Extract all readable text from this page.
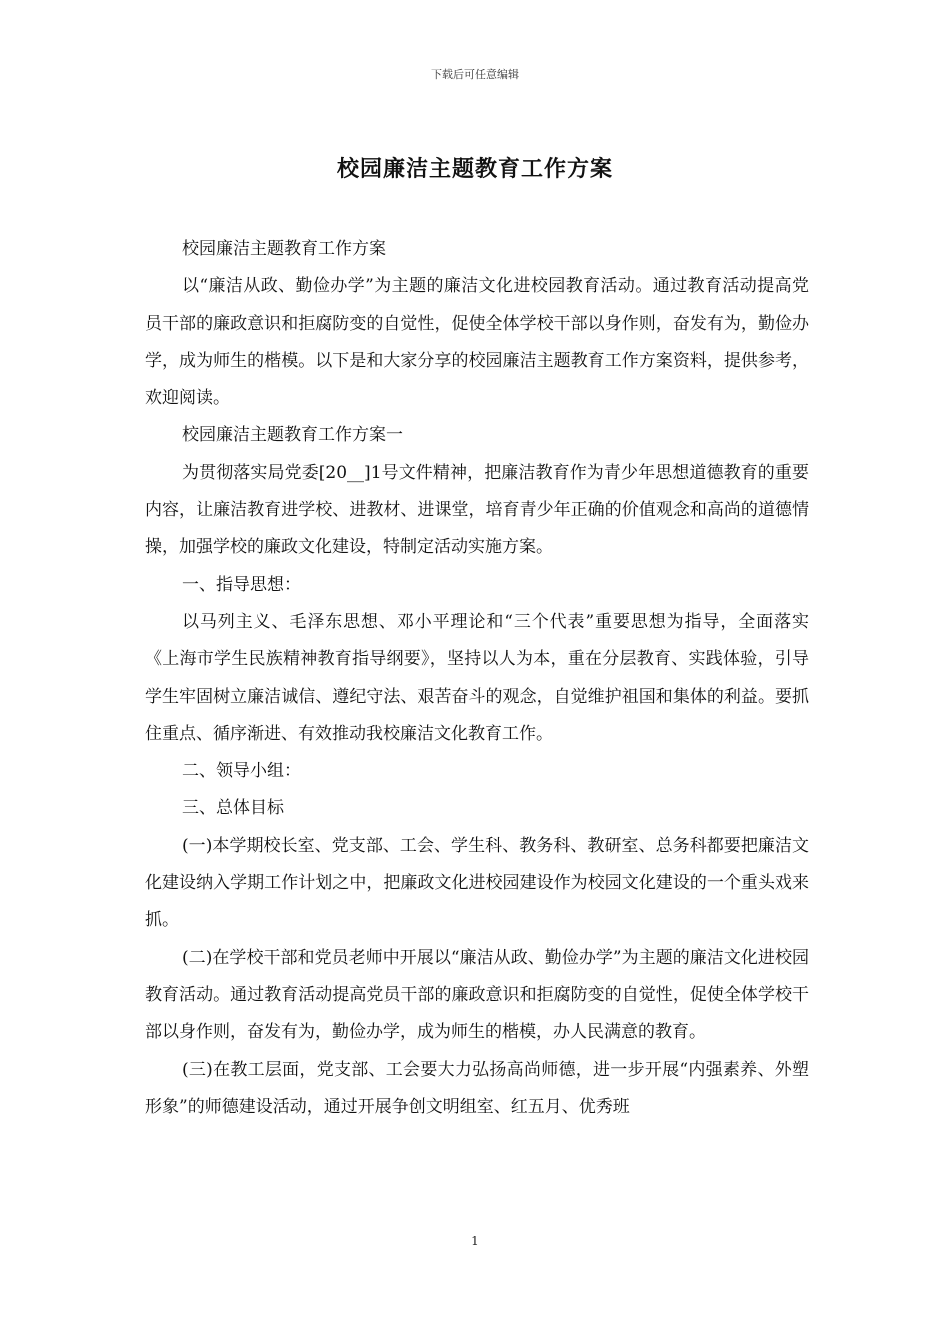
下载后可任意编辑
校园廉洁主题教育工作方案

校园廉洁主题教育工作方案

以“廉洁从政、勤俭办学”为主题的廉洁文化进校园教育活动。通过教育活动提高党员干部的廉政意识和拒腐防变的自觉性，促使全体学校干部以身作则，奋发有为，勤俭办学，成为师生的楷模。以下是和大家分享的校园廉洁主题教育工作方案资料，提供参考，欢迎阅读。

校园廉洁主题教育工作方案一

为贯彻落实局党委[20__]1号文件精神，把廉洁教育作为青少年思想道德教育的重要内容，让廉洁教育进学校、进教材、进课堂，培育青少年正确的价值观念和高尚的道德情操，加强学校的廉政文化建设，特制定活动实施方案。

一、指导思想：

以马列主义、毛泽东思想、邓小平理论和“三个代表”重要思想为指导，全面落实《上海市学生民族精神教育指导纲要》，坚持以人为本，重在分层教育、实践体验，引导学生牢固树立廉洁诚信、遵纪守法、艰苦奋斗的观念，自觉维护祖国和集体的利益。要抓住重点、循序渐进、有效推动我校廉洁文化教育工作。

二、领导小组：

三、总体目标

(一)本学期校长室、党支部、工会、学生科、教务科、教研室、总务科都要把廉洁文化建设纳入学期工作计划之中，把廉政文化进校园建设作为校园文化建设的一个重头戏来抓。

(二)在学校干部和党员老师中开展以“廉洁从政、勤俭办学”为主题的廉洁文化进校园教育活动。通过教育活动提高党员干部的廉政意识和拒腐防变的自觉性，促使全体学校干部以身作则，奋发有为，勤俭办学，成为师生的楷模，办人民满意的教育。

(三)在教工层面，党支部、工会要大力弘扬高尚师德，进一步开展“内强素养、外塑形象”的师德建设活动，通过开展争创文明组室、红五月、优秀班

1
